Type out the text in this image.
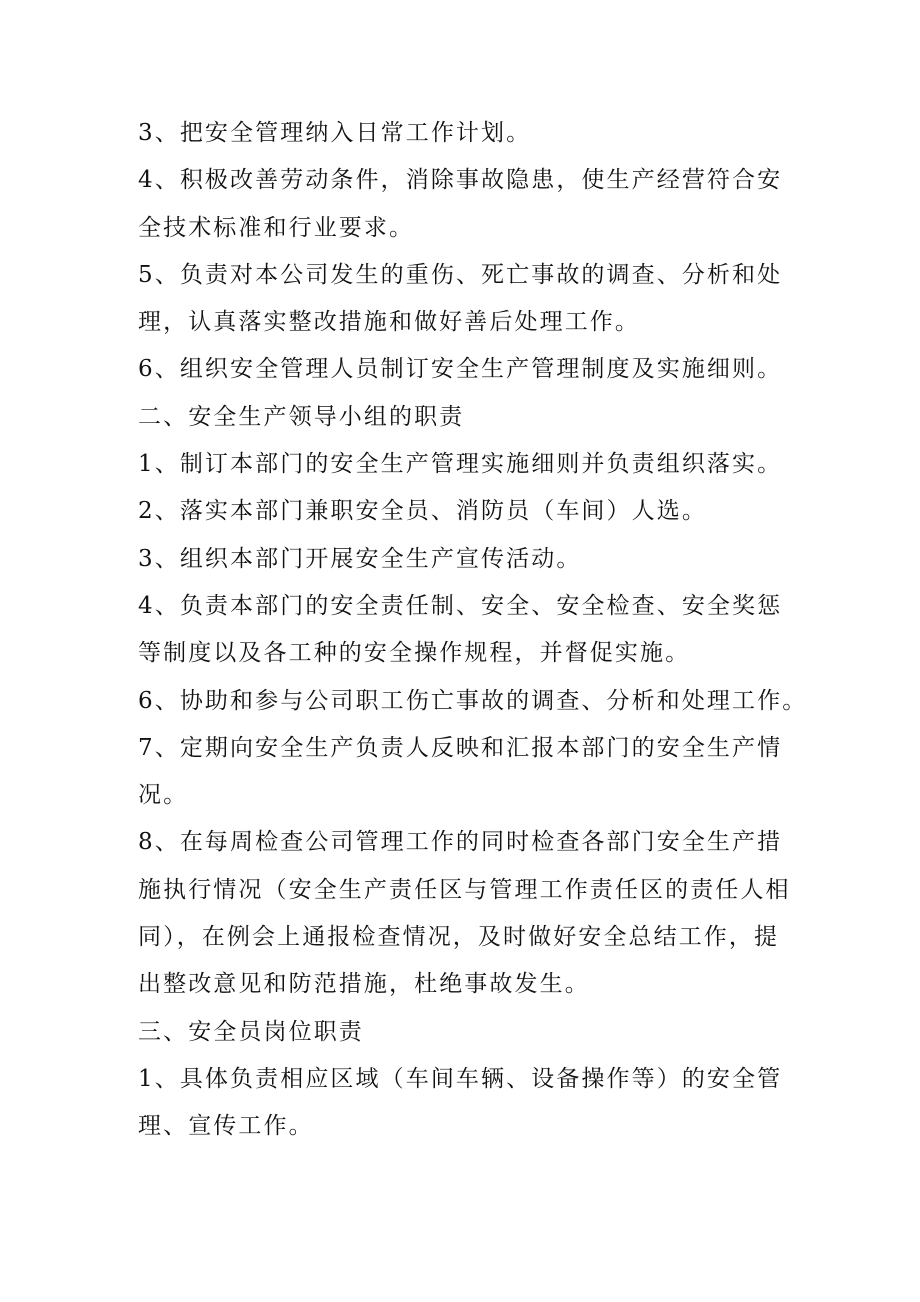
3、把安全管理纳入日常工作计划。
4、积极改善劳动条件，消除事故隐患，使生产经营符合安
全技术标准和行业要求。
5、负责对本公司发生的重伤、死亡事故的调查、分析和处
理，认真落实整改措施和做好善后处理工作。
6、组织安全管理人员制订安全生产管理制度及实施细则。
二、安全生产领导小组的职责
1、制订本部门的安全生产管理实施细则并负责组织落实。
2、落实本部门兼职安全员、消防员（车间）人选。
3、组织本部门开展安全生产宣传活动。
4、负责本部门的安全责任制、安全、安全检查、安全奖惩
等制度以及各工种的安全操作规程，并督促实施。
6、协助和参与公司职工伤亡事故的调查、分析和处理工作。
7、定期向安全生产负责人反映和汇报本部门的安全生产情
况。
8、在每周检查公司管理工作的同时检查各部门安全生产措
施执行情况（安全生产责任区与管理工作责任区的责任人相
同），在例会上通报检查情况，及时做好安全总结工作，提
出整改意见和防范措施，杜绝事故发生。
三、安全员岗位职责
1、具体负责相应区域（车间车辆、设备操作等）的安全管
理、宣传工作。
